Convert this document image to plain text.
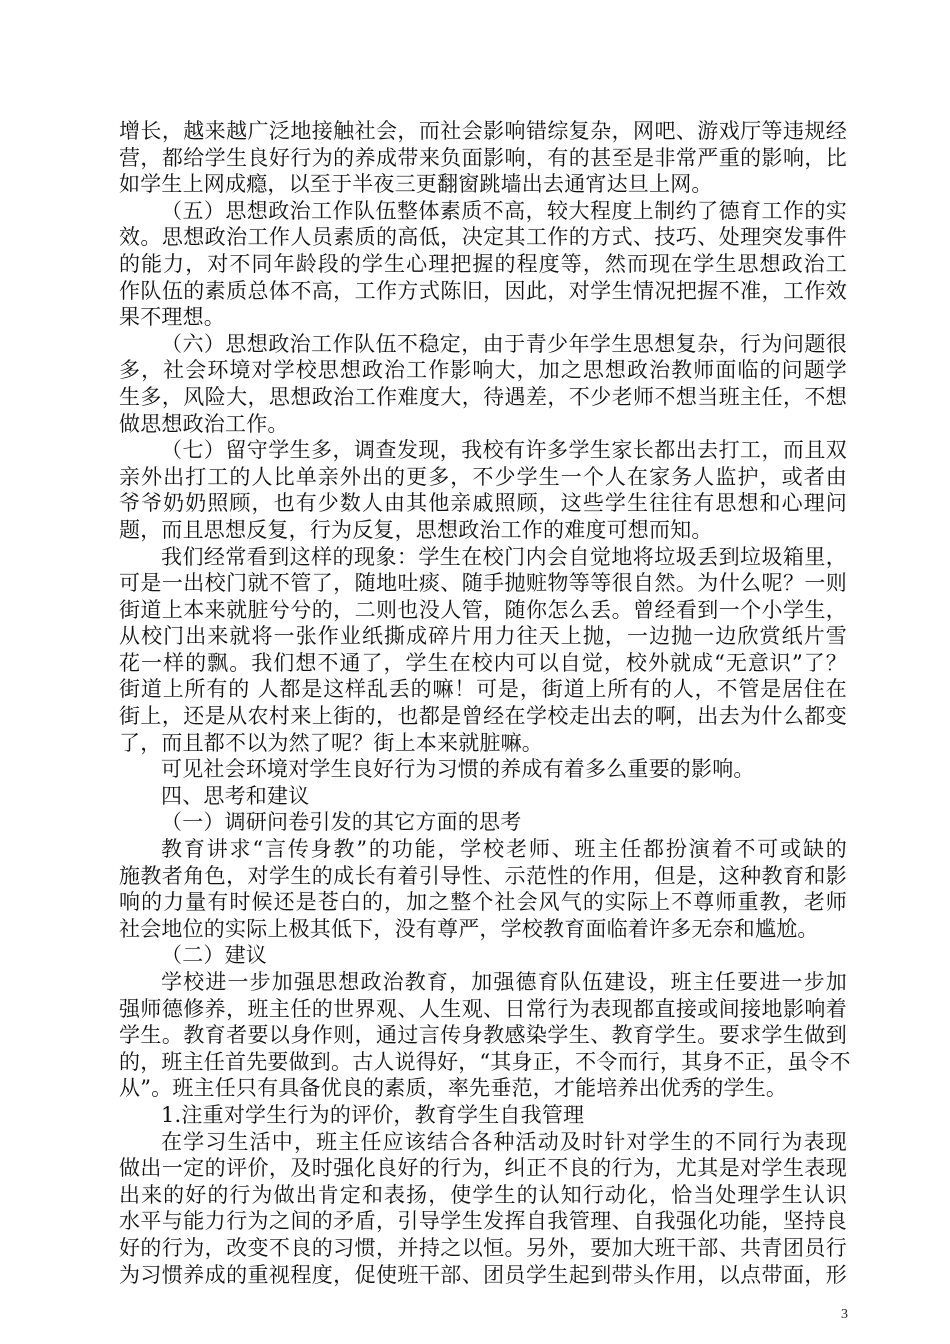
增长，越来越广泛地接触社会，而社会影响错综复杂，网吧、游戏厅等违规经
营，都给学生良好行为的养成带来负面影响，有的甚至是非常严重的影响，比
如学生上网成瘾，以至于半夜三更翻窗跳墙出去通宵达旦上网。
（五）思想政治工作队伍整体素质不高，较大程度上制约了德育工作的实
效。思想政治工作人员素质的高低，决定其工作的方式、技巧、处理突发事件
的能力，对不同年龄段的学生心理把握的程度等，然而现在学生思想政治工
作队伍的素质总体不高，工作方式陈旧，因此，对学生情况把握不准，工作效
果不理想。
（六）思想政治工作队伍不稳定，由于青少年学生思想复杂，行为问题很
多，社会环境对学校思想政治工作影响大，加之思想政治教师面临的问题学
生多，风险大，思想政治工作难度大，待遇差，不少老师不想当班主任，不想
做思想政治工作。
（七）留守学生多，调查发现，我校有许多学生家长都出去打工，而且双
亲外出打工的人比单亲外出的更多，不少学生一个人在家务人监护，或者由
爷爷奶奶照顾，也有少数人由其他亲戚照顾，这些学生往往有思想和心理问
题，而且思想反复，行为反复，思想政治工作的难度可想而知。
我们经常看到这样的现象：学生在校门内会自觉地将垃圾丢到垃圾箱里，
可是一出校门就不管了，随地吐痰、随手抛赃物等等很自然。为什么呢？一则
街道上本来就脏兮兮的，二则也没人管，随你怎么丢。曾经看到一个小学生，
从校门出来就将一张作业纸撕成碎片用力往天上抛，一边抛一边欣赏纸片雪
花一样的飘。我们想不通了，学生在校内可以自觉，校外就成“无意识”了？
街道上所有的 人都是这样乱丢的嘛！可是，街道上所有的人，不管是居住在
街上，还是从农村来上街的，也都是曾经在学校走出去的啊，出去为什么都变
了，而且都不以为然了呢？街上本来就脏嘛。
可见社会环境对学生良好行为习惯的养成有着多么重要的影响。
四、思考和建议
（一）调研问卷引发的其它方面的思考
教育讲求“言传身教”的功能，学校老师、班主任都扮演着不可或缺的
施教者角色，对学生的成长有着引导性、示范性的作用，但是，这种教育和影
响的力量有时候还是苍白的，加之整个社会风气的实际上不尊师重教，老师
社会地位的实际上极其低下，没有尊严，学校教育面临着许多无奈和尴尬。
（二）建议
学校进一步加强思想政治教育，加强德育队伍建设，班主任要进一步加
强师德修养，班主任的世界观、人生观、日常行为表现都直接或间接地影响着
学生。教育者要以身作则，通过言传身教感染学生、教育学生。要求学生做到
的，班主任首先要做到。古人说得好，“其身正，不令而行，其身不正，虽令不
从”。班主任只有具备优良的素质，率先垂范，才能培养出优秀的学生。
1.注重对学生行为的评价，教育学生自我管理
在学习生活中，班主任应该结合各种活动及时针对学生的不同行为表现
做出一定的评价，及时强化良好的行为，纠正不良的行为，尤其是对学生表现
出来的好的行为做出肯定和表扬，使学生的认知行动化，恰当处理学生认识
水平与能力行为之间的矛盾，引导学生发挥自我管理、自我强化功能，坚持良
好的行为，改变不良的习惯，并持之以恒。另外，要加大班干部、共青团员行
为习惯养成的重视程度，促使班干部、团员学生起到带头作用，以点带面，形
3
